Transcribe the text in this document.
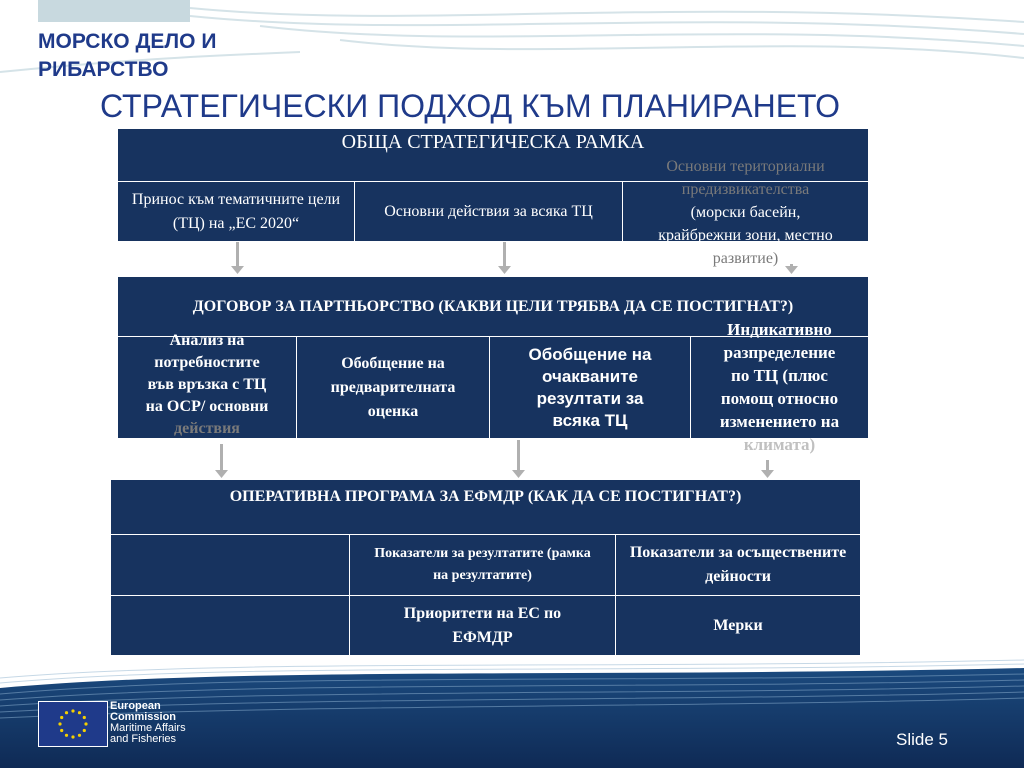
МОРСКО ДЕЛО И
РИБАРСТВО
СТРАТЕГИЧЕСКИ ПОДХОД КЪМ ПЛАНИРАНЕТО
ОБЩА СТРАТЕГИЧЕСКА РАМКА
Принос към тематичните цели (ТЦ) на „ЕС 2020“
Основни действия за всяка ТЦ
Основни териториални
предизвикателства
(морски басейн,
крайбрежни зони, местно
развитие)
ДОГОВОР ЗА ПАРТНЬОРСТВО (КАКВИ ЦЕЛИ ТРЯБВА ДА СЕ ПОСТИГНАТ?)
Анализ на
потребностите
във връзка с ТЦ
на ОСР/ основни
действия
Обобщение на предварителната оценка
Обобщение на очакваните резултати за всяка ТЦ
Индикативно
разпределение
по ТЦ (плюс
помощ относно
изменението на
климата)
ОПЕРАТИВНА ПРОГРАМА ЗА ЕФМДР (КАК ДА СЕ ПОСТИГНАТ?)
Показатели за резултатите (рамка на резултатите)
Показатели за осъществените дейности
Приоритети на ЕС по ЕФМДР
Мерки
European
Commission
Maritime Affairs
and Fisheries	Slide 5
